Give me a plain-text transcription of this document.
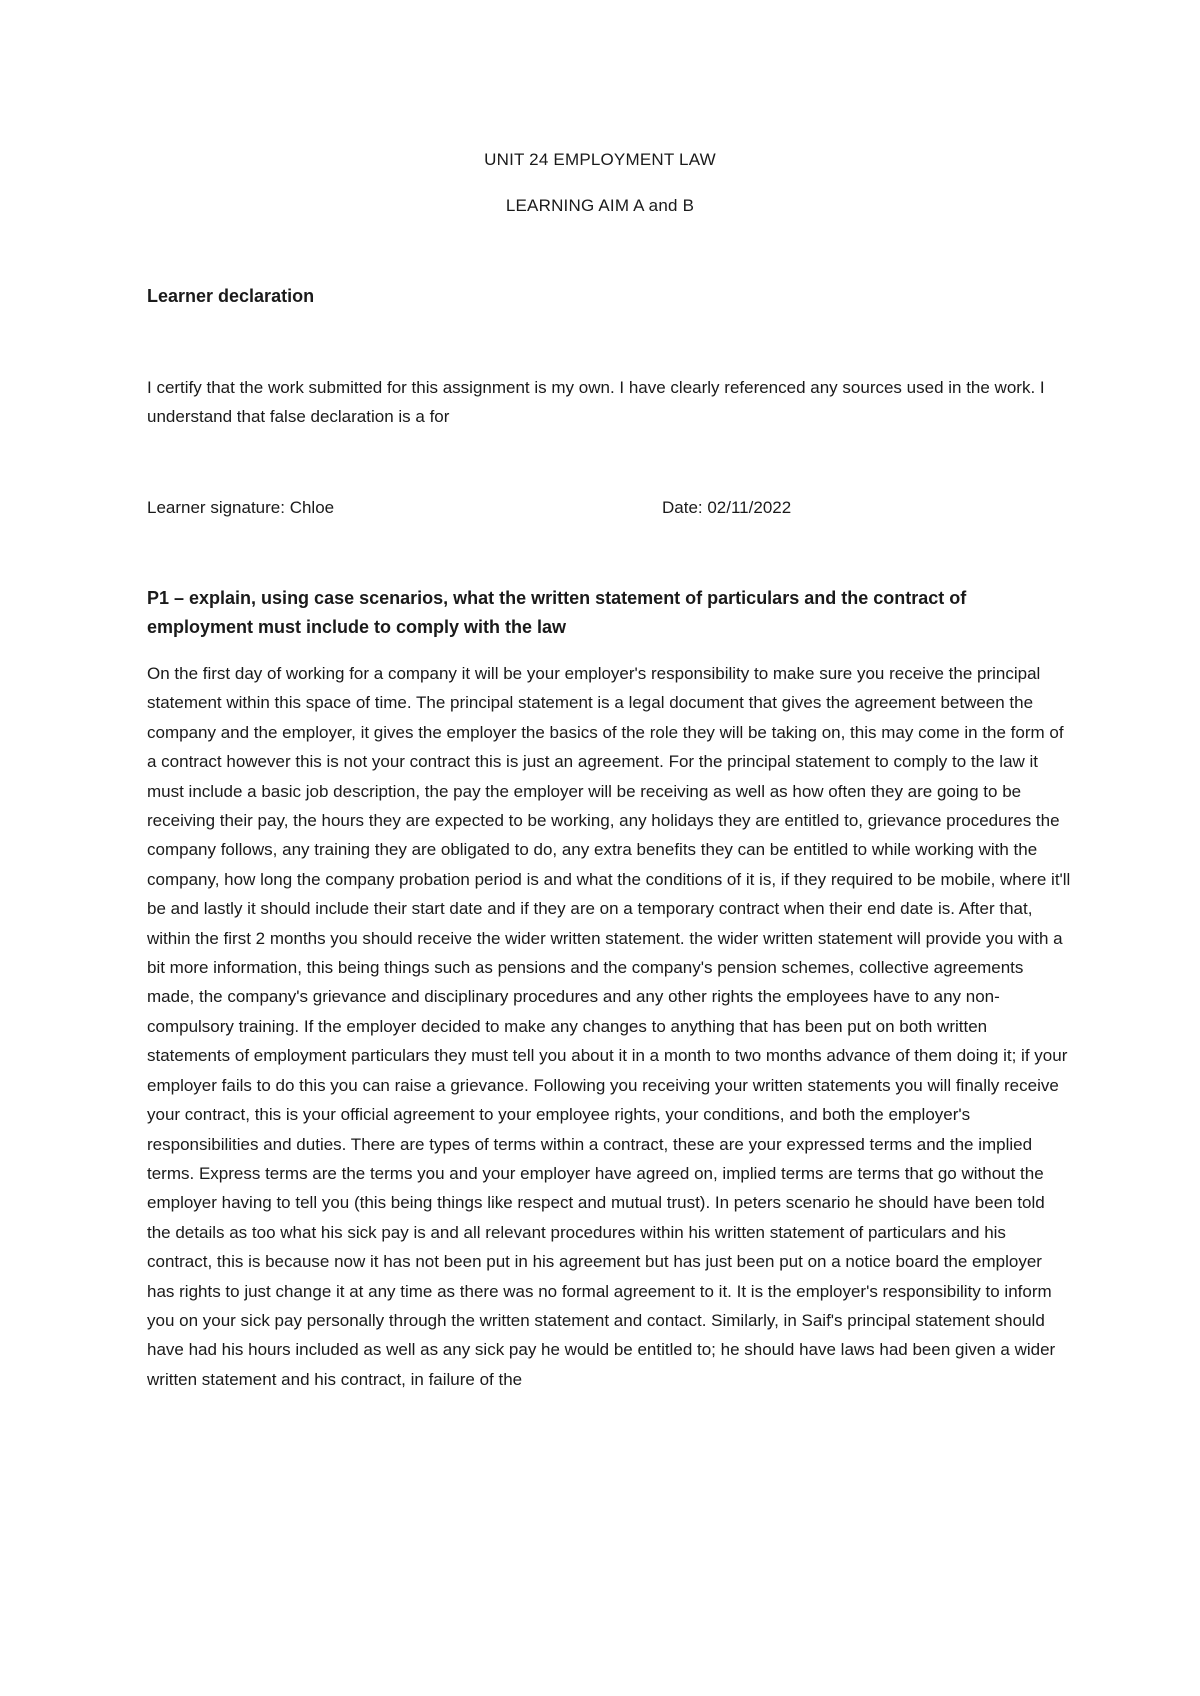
UNIT 24 EMPLOYMENT LAW
LEARNING AIM A and B
Learner declaration

I certify that the work submitted for this assignment is my own. I have clearly referenced any sources used in the work. I understand that false declaration is a for

Learner signature: Chloe	Date: 02/11/2022

P1 – explain, using case scenarios, what the written statement of particulars and the contract of employment must include to comply with the law

On the first day of working for a company it will be your employer's responsibility to make sure you receive the principal statement within this space of time. The principal statement is a legal document that gives the agreement between the company and the employer, it gives the employer the basics of the role they will be taking on, this may come in the form of a contract however this is not your contract this is just an agreement. For the principal statement to comply to the law it must include a basic job description, the pay the employer will be receiving as well as how often they are going to be receiving their pay, the hours they are expected to be working, any holidays they are entitled to, grievance procedures the company follows, any training they are obligated to do, any extra benefits they can be entitled to while working with the company, how long the company probation period is and what the conditions of it is, if they required to be mobile, where it'll be and lastly it should include their start date and if they are on a temporary contract when their end date is. After that, within the first 2 months you should receive the wider written statement. the wider written statement will provide you with a bit more information, this being things such as pensions and the company's pension schemes, collective agreements made, the company's grievance and disciplinary procedures and any other rights the employees have to any non-compulsory training. If the employer decided to make any changes to anything that has been put on both written statements of employment particulars they must tell you about it in a month to two months advance of them doing it; if your employer fails to do this you can raise a grievance. Following you receiving your written statements you will finally receive your contract, this is your official agreement to your employee rights, your conditions, and both the employer's responsibilities and duties. There are types of terms within a contract, these are your expressed terms and the implied terms. Express terms are the terms you and your employer have agreed on, implied terms are terms that go without the employer having to tell you (this being things like respect and mutual trust). In peters scenario he should have been told the details as too what his sick pay is and all relevant procedures within his written statement of particulars and his contract, this is because now it has not been put in his agreement but has just been put on a notice board the employer has rights to just change it at any time as there was no formal agreement to it. It is the employer's responsibility to inform you on your sick pay personally through the written statement and contact. Similarly, in Saif's principal statement should have had his hours included as well as any sick pay he would be entitled to; he should have laws had been given a wider written statement and his contract, in failure of the
